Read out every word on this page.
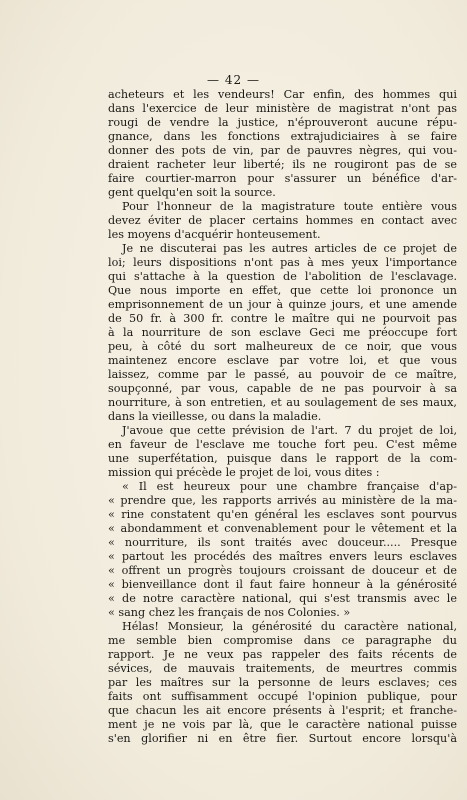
— 42 —
acheteurs et les vendeurs! Car enfin, des hommes qui
dans l'exercice de leur ministère de magistrat n'ont pas
rougi de vendre la justice, n'éprouveront aucune répu-
gnance, dans les fonctions extrajudiciaires à se faire
donner des pots de vin, par de pauvres nègres, qui vou-
draient racheter leur liberté; ils ne rougiront pas de se
faire courtier-marron pour s'assurer un bénéfice d'ar-
gent quelqu'en soit la source.
Pour l'honneur de la magistrature toute entière vous
devez éviter de placer certains hommes en contact avec
les moyens d'acquérir honteusement.
Je ne discuterai pas les autres articles de ce projet de
loi; leurs dispositions n'ont pas à mes yeux l'importance
qui s'attache à la question de l'abolition de l'esclavage.
Que nous importe en effet, que cette loi prononce un
emprisonnement de un jour à quinze jours, et une amende
de 50 fr. à 300 fr. contre le maître qui ne pourvoit pas
à la nourriture de son esclave Geci me préoccupe fort
peu, à côté du sort malheureux de ce noir, que vous
maintenez encore esclave par votre loi, et que vous
laissez, comme par le passé, au pouvoir de ce maître,
soupçonné, par vous, capable de ne pas pourvoir à sa
nourriture, à son entretien, et au soulagement de ses maux,
dans la vieillesse, ou dans la maladie.
J'avoue que cette prévision de l'art. 7 du projet de loi,
en faveur de l'esclave me touche fort peu. C'est même
une superfétation, puisque dans le rapport de la com-
mission qui précède le projet de loi, vous dites :
« Il est heureux pour une chambre française d'ap-
« prendre que, les rapports arrivés au ministère de la ma-
« rine constatent qu'en général les esclaves sont pourvus
« abondamment et convenablement pour le vêtement et la
« nourriture, ils sont traités avec douceur..... Presque
« partout les procédés des maîtres envers leurs esclaves
« offrent un progrès toujours croissant de douceur et de
« bienveillance dont il faut faire honneur à la générosité
« de notre caractère national, qui s'est transmis avec le
« sang chez les français de nos Colonies. »
Hélas! Monsieur, la générosité du caractère national,
me semble bien compromise dans ce paragraphe du
rapport. Je ne veux pas rappeler des faits récents de
sévices, de mauvais traitements, de meurtres commis
par les maîtres sur la personne de leurs esclaves; ces
faits ont suffisamment occupé l'opinion publique, pour
que chacun les ait encore présents à l'esprit; et franche-
ment je ne vois par là, que le caractère national puisse
s'en glorifier ni en être fier. Surtout encore lorsqu'à
